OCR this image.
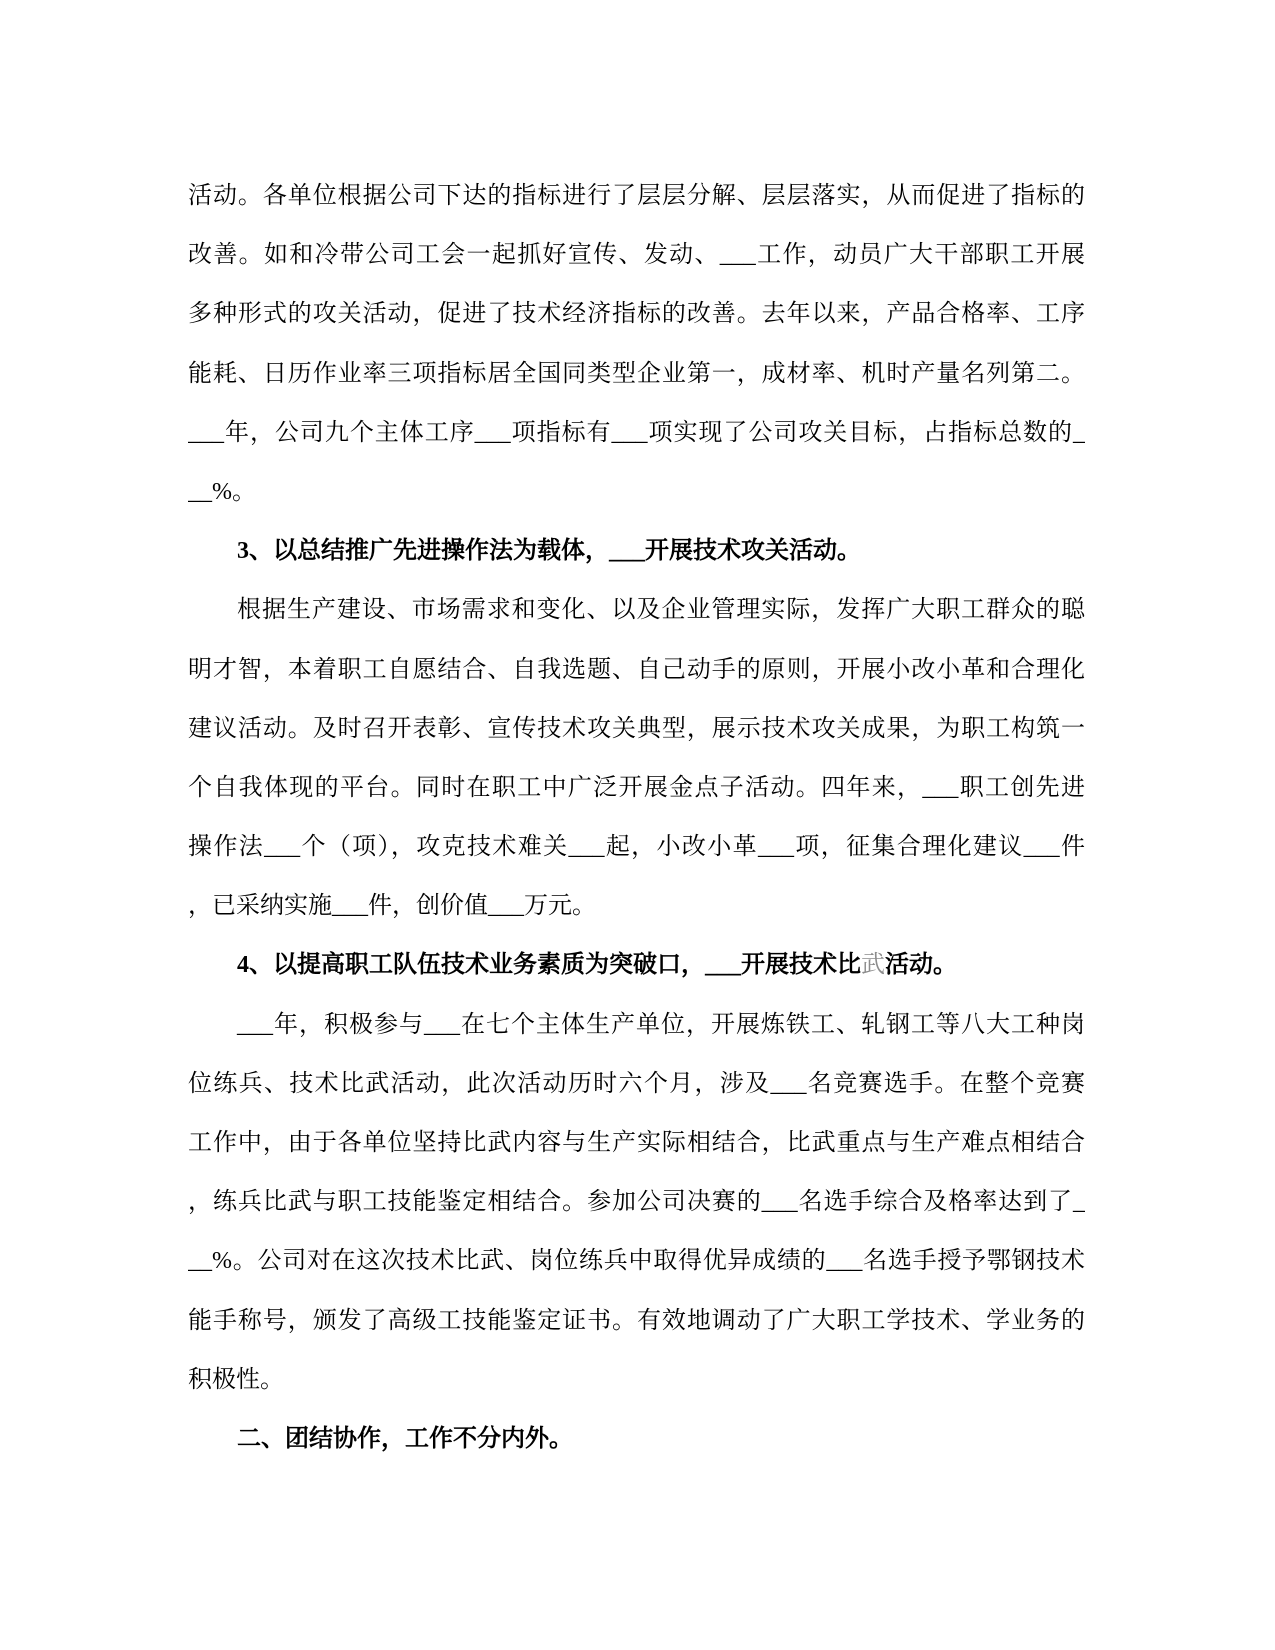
活动。各单位根据公司下达的指标进行了层层分解、层层落实，从而促进了指标的
改善。如和冷带公司工会一起抓好宣传、发动、___工作，动员广大干部职工开展
多种形式的攻关活动，促进了技术经济指标的改善。去年以来，产品合格率、工序
能耗、日历作业率三项指标居全国同类型企业第一，成材率、机时产量名列第二。
___年，公司九个主体工序___项指标有___项实现了公司攻关目标，占指标总数的_
__%。
3、以总结推广先进操作法为载体，___开展技术攻关活动。
根据生产建设、市场需求和变化、以及企业管理实际，发挥广大职工群众的聪
明才智，本着职工自愿结合、自我选题、自己动手的原则，开展小改小革和合理化
建议活动。及时召开表彰、宣传技术攻关典型，展示技术攻关成果，为职工构筑一
个自我体现的平台。同时在职工中广泛开展金点子活动。四年来，___职工创先进
操作法___个（项），攻克技术难关___起，小改小革___项，征集合理化建议___件
，已采纳实施___件，创价值___万元。
4、以提高职工队伍技术业务素质为突破口，___开展技术比武活动。
___年，积极参与___在七个主体生产单位，开展炼铁工、轧钢工等八大工种岗
位练兵、技术比武活动，此次活动历时六个月，涉及___名竞赛选手。在整个竞赛
工作中，由于各单位坚持比武内容与生产实际相结合，比武重点与生产难点相结合
，练兵比武与职工技能鉴定相结合。参加公司决赛的___名选手综合及格率达到了_
__%。公司对在这次技术比武、岗位练兵中取得优异成绩的___名选手授予鄂钢技术
能手称号，颁发了高级工技能鉴定证书。有效地调动了广大职工学技术、学业务的
积极性。
二、团结协作，工作不分内外。
